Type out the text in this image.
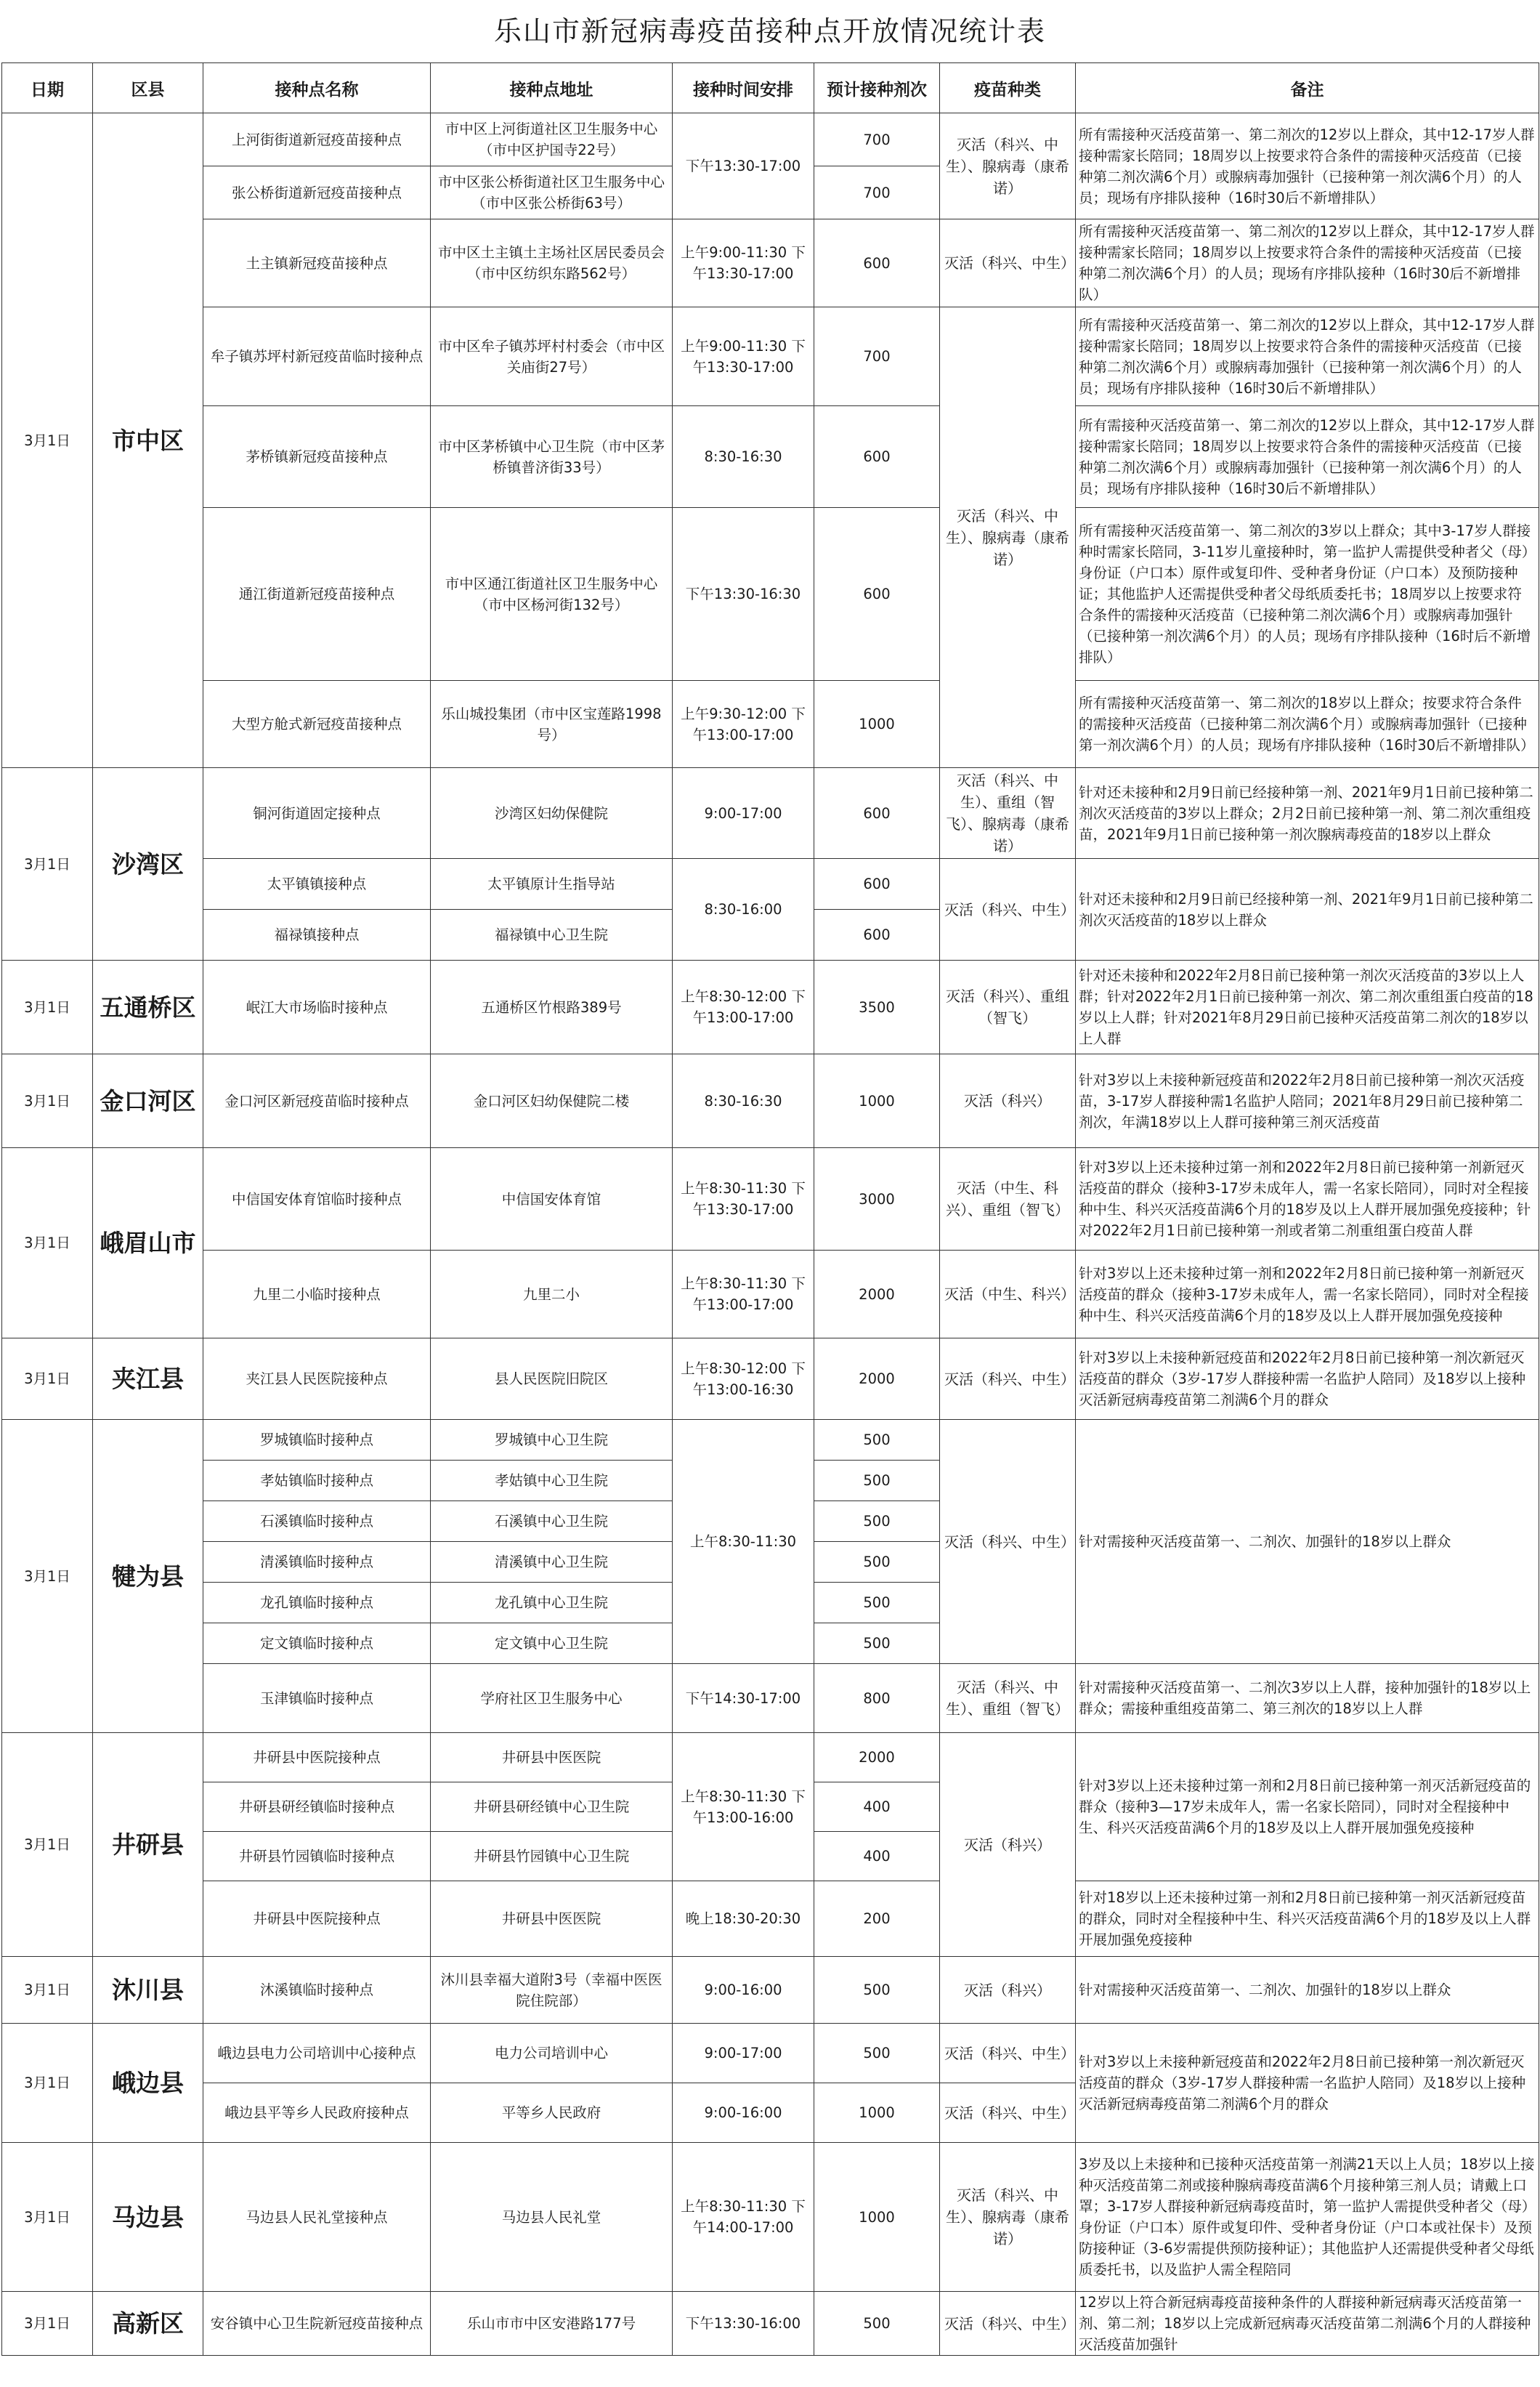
乐山市新冠病毒疫苗接种点开放情况统计表
日期	区县	接种点名称	接种点地址	接种时间安排	预计接种剂次	疫苗种类	备注
3月1日	市中区	上河街街道新冠疫苗接种点	市中区上河街道社区卫生服务中心（市中区护国寺22号）	下午13:30-17:00	700	灭活（科兴、中生）、腺病毒（康希诺）	所有需接种灭活疫苗第一、第二剂次的12岁以上群众，其中12-17岁人群接种需家长陪同；18周岁以上按要求符合条件的需接种灭活疫苗（已接种第二剂次满6个月）或腺病毒加强针（已接种第一剂次满6个月）的人员；现场有序排队接种（16时30后不新增排队）
		张公桥街道新冠疫苗接种点	市中区张公桥街道社区卫生服务中心（市中区张公桥街63号）		700		
		土主镇新冠疫苗接种点	市中区土主镇土主场社区居民委员会（市中区纺织东路562号）	上午9:00-11:30 下午13:30-17:00	600	灭活（科兴、中生）	所有需接种灭活疫苗第一、第二剂次的12岁以上群众，其中12-17岁人群接种需家长陪同；18周岁以上按要求符合条件的需接种灭活疫苗（已接种第二剂次满6个月）的人员；现场有序排队接种（16时30后不新增排队）
		牟子镇苏坪村新冠疫苗临时接种点	市中区牟子镇苏坪村村委会（市中区关庙街27号）	上午9:00-11:30 下午13:30-17:00	700	灭活（科兴、中生）、腺病毒（康希诺）	所有需接种灭活疫苗第一、第二剂次的12岁以上群众，其中12-17岁人群接种需家长陪同；18周岁以上按要求符合条件的需接种灭活疫苗（已接种第二剂次满6个月）或腺病毒加强针（已接种第一剂次满6个月）的人员；现场有序排队接种（16时30后不新增排队）
		茅桥镇新冠疫苗接种点	市中区茅桥镇中心卫生院（市中区茅桥镇普济街33号）	8:30-16:30	600		所有需接种灭活疫苗第一、第二剂次的12岁以上群众，其中12-17岁人群接种需家长陪同；18周岁以上按要求符合条件的需接种灭活疫苗（已接种第二剂次满6个月）或腺病毒加强针（已接种第一剂次满6个月）的人员；现场有序排队接种（16时30后不新增排队）
		通江街道新冠疫苗接种点	市中区通江街道社区卫生服务中心（市中区杨河街132号）	下午13:30-16:30	600		所有需接种灭活疫苗第一、第二剂次的3岁以上群众；其中3-17岁人群接种时需家长陪同，3-11岁儿童接种时，第一监护人需提供受种者父（母）身份证（户口本）原件或复印件、受种者身份证（户口本）及预防接种证；其他监护人还需提供受种者父母纸质委托书；18周岁以上按要求符合条件的需接种灭活疫苗（已接种第二剂次满6个月）或腺病毒加强针（已接种第一剂次满6个月）的人员；现场有序排队接种（16时后不新增排队）
		大型方舱式新冠疫苗接种点	乐山城投集团（市中区宝莲路1998号）	上午9:30-12:00 下午13:00-17:00	1000		所有需接种灭活疫苗第一、第二剂次的18岁以上群众；按要求符合条件的需接种灭活疫苗（已接种第二剂次满6个月）或腺病毒加强针（已接种第一剂次满6个月）的人员；现场有序排队接种（16时30后不新增排队）
3月1日	沙湾区	铜河街道固定接种点	沙湾区妇幼保健院	9:00-17:00	600	灭活（科兴、中生）、重组（智飞）、腺病毒（康希诺）	针对还未接种和2月9日前已经接种第一剂、2021年9月1日前已接种第二剂次灭活疫苗的3岁以上群众；2月2日前已接种第一剂、第二剂次重组疫苗，2021年9月1日前已接种第一剂次腺病毒疫苗的18岁以上群众
		太平镇镇接种点	太平镇原计生指导站	8:30-16:00	600	灭活（科兴、中生）	针对还未接种和2月9日前已经接种第一剂、2021年9月1日前已接种第二剂次灭活疫苗的18岁以上群众
		福禄镇接种点	福禄镇中心卫生院		600		
3月1日	五通桥区	岷江大市场临时接种点	五通桥区竹根路389号	上午8:30-12:00 下午13:00-17:00	3500	灭活（科兴）、重组（智飞）	针对还未接种和2022年2月8日前已接种第一剂次灭活疫苗的3岁以上人群；针对2022年2月1日前已接种第一剂次、第二剂次重组蛋白疫苗的18岁以上人群；针对2021年8月29日前已接种灭活疫苗第二剂次的18岁以上人群
3月1日	金口河区	金口河区新冠疫苗临时接种点	金口河区妇幼保健院二楼	8:30-16:30	1000	灭活（科兴）	针对3岁以上未接种新冠疫苗和2022年2月8日前已接种第一剂次灭活疫苗，3-17岁人群接种需1名监护人陪同；2021年8月29日前已接种第二剂次，年满18岁以上人群可接种第三剂灭活疫苗
3月1日	峨眉山市	中信国安体育馆临时接种点	中信国安体育馆	上午8:30-11:30 下午13:30-17:00	3000	灭活（中生、科兴）、重组（智飞）	针对3岁以上还未接种过第一剂和2022年2月8日前已接种第一剂新冠灭活疫苗的群众（接种3-17岁未成年人，需一名家长陪同），同时对全程接种中生、科兴灭活疫苗满6个月的18岁及以上人群开展加强免疫接种；针对2022年2月1日前已接种第一剂或者第二剂重组蛋白疫苗人群
		九里二小临时接种点	九里二小	上午8:30-11:30 下午13:00-17:00	2000	灭活（中生、科兴）	针对3岁以上还未接种过第一剂和2022年2月8日前已接种第一剂新冠灭活疫苗的群众（接种3-17岁未成年人，需一名家长陪同），同时对全程接种中生、科兴灭活疫苗满6个月的18岁及以上人群开展加强免疫接种
3月1日	夹江县	夹江县人民医院接种点	县人民医院旧院区	上午8:30-12:00 下午13:00-16:30	2000	灭活（科兴、中生）	针对3岁以上未接种新冠疫苗和2022年2月8日前已接种第一剂次新冠灭活疫苗的群众（3岁-17岁人群接种需一名监护人陪同）及18岁以上接种灭活新冠病毒疫苗第二剂满6个月的群众
3月1日	犍为县	罗城镇临时接种点	罗城镇中心卫生院	上午8:30-11:30	500	灭活（科兴、中生）	针对需接种灭活疫苗第一、二剂次、加强针的18岁以上群众
		孝姑镇临时接种点	孝姑镇中心卫生院		500		
		石溪镇临时接种点	石溪镇中心卫生院		500		
		清溪镇临时接种点	清溪镇中心卫生院		500		
		龙孔镇临时接种点	龙孔镇中心卫生院		500		
		定文镇临时接种点	定文镇中心卫生院		500		
		玉津镇临时接种点	学府社区卫生服务中心	下午14:30-17:00	800	灭活（科兴、中生）、重组（智飞）	针对需接种灭活疫苗第一、二剂次3岁以上人群，接种加强针的18岁以上群众；需接种重组疫苗第二、第三剂次的18岁以上人群
3月1日	井研县	井研县中医院接种点	井研县中医医院	上午8:30-11:30 下午13:00-16:00	2000	灭活（科兴）	针对3岁以上还未接种过第一剂和2月8日前已接种第一剂灭活新冠疫苗的群众（接种3—17岁未成年人，需一名家长陪同），同时对全程接种中生、科兴灭活疫苗满6个月的18岁及以上人群开展加强免疫接种
		井研县研经镇临时接种点	井研县研经镇中心卫生院		400		
		井研县竹园镇临时接种点	井研县竹园镇中心卫生院		400		
		井研县中医院接种点	井研县中医医院	晚上18:30-20:30	200		针对18岁以上还未接种过第一剂和2月8日前已接种第一剂灭活新冠疫苗的群众，同时对全程接种中生、科兴灭活疫苗满6个月的18岁及以上人群开展加强免疫接种
3月1日	沐川县	沐溪镇临时接种点	沐川县幸福大道附3号（幸福中医医院住院部）	9:00-16:00	500	灭活（科兴）	针对需接种灭活疫苗第一、二剂次、加强针的18岁以上群众
3月1日	峨边县	峨边县电力公司培训中心接种点	电力公司培训中心	9:00-17:00	500	灭活（科兴、中生）	针对3岁以上未接种新冠疫苗和2022年2月8日前已接种第一剂次新冠灭活疫苗的群众（3岁-17岁人群接种需一名监护人陪同）及18岁以上接种灭活新冠病毒疫苗第二剂满6个月的群众
		峨边县平等乡人民政府接种点	平等乡人民政府	9:00-16:00	1000	灭活（科兴、中生）	
3月1日	马边县	马边县人民礼堂接种点	马边县人民礼堂	上午8:30-11:30 下午14:00-17:00	1000	灭活（科兴、中生）、腺病毒（康希诺）	3岁及以上未接种和已接种灭活疫苗第一剂满21天以上人员；18岁以上接种灭活疫苗第二剂或接种腺病毒疫苗满6个月接种第三剂人员；请戴上口罩；3-17岁人群接种新冠病毒疫苗时，第一监护人需提供受种者父（母）身份证（户口本）原件或复印件、受种者身份证（户口本或社保卡）及预防接种证（3-6岁需提供预防接种证）；其他监护人还需提供受种者父母纸质委托书，以及监护人需全程陪同
3月1日	高新区	安谷镇中心卫生院新冠疫苗接种点	乐山市市中区安港路177号	下午13:30-16:00	500	灭活（科兴、中生）	12岁以上符合新冠病毒疫苗接种条件的人群接种新冠病毒灭活疫苗第一剂、第二剂；18岁以上完成新冠病毒灭活疫苗第二剂满6个月的人群接种灭活疫苗加强针
